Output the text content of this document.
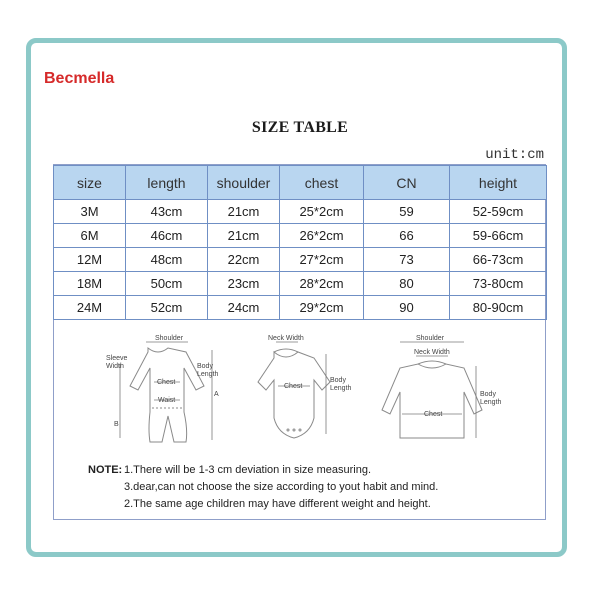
Becmella
SIZE TABLE
unit:cm
size	length	shoulder	chest	CN	height
3M	43cm	21cm	25*2cm	59	52-59cm
6M	46cm	21cm	26*2cm	66	59-66cm
12M	48cm	22cm	27*2cm	73	66-73cm
18M	50cm	23cm	28*2cm	80	73-80cm
24M	52cm	24cm	29*2cm	90	80-90cm
Shoulder
Sleeve
Width	Body
Length
Chest
Waist
A
B
Neck Width
Chest
Body
Length
Shoulder
Neck Width
Chest
Body
Length
NOTE: 1.There will be 1-3 cm deviation in size measuring.
3.dear,can not choose the size according to yout habit and mind.
2.The same age children may have different weight and height.
